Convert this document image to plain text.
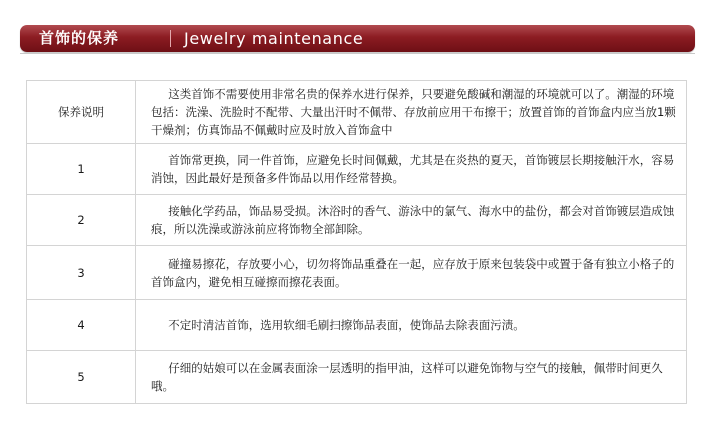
首饰的保养	Jewelry maintenance
保养说明	这类首饰不需要使用非常名贵的保养水进行保养，只要避免酸碱和潮湿的环境就可以了。潮湿的环境包括：洗澡、洗脸时不配带、大量出汗时不佩带、存放前应用干布擦干；放置首饰的首饰盒内应当放1颗干燥剂；仿真饰品不佩戴时应及时放入首饰盒中

1	首饰常更换，同一件首饰，应避免长时间佩戴，尤其是在炎热的夏天，首饰镀层长期接触汗水，容易消蚀，因此最好是预备多件饰品以用作经常替换。

2	接触化学药品，饰品易受损。沐浴时的香气、游泳中的氯气、海水中的盐份，都会对首饰镀层造成蚀痕，所以洗澡或游泳前应将饰物全部卸除。

3	碰撞易擦花，存放要小心，切勿将饰品重叠在一起，应存放于原来包装袋中或置于备有独立小格子的首饰盒内，避免相互碰擦而擦花表面。

4	不定时清洁首饰，选用软细毛刷扫擦饰品表面，使饰品去除表面污渍。

5	仔细的姑娘可以在金属表面涂一层透明的指甲油，这样可以避免饰物与空气的接触，佩带时间更久哦。
